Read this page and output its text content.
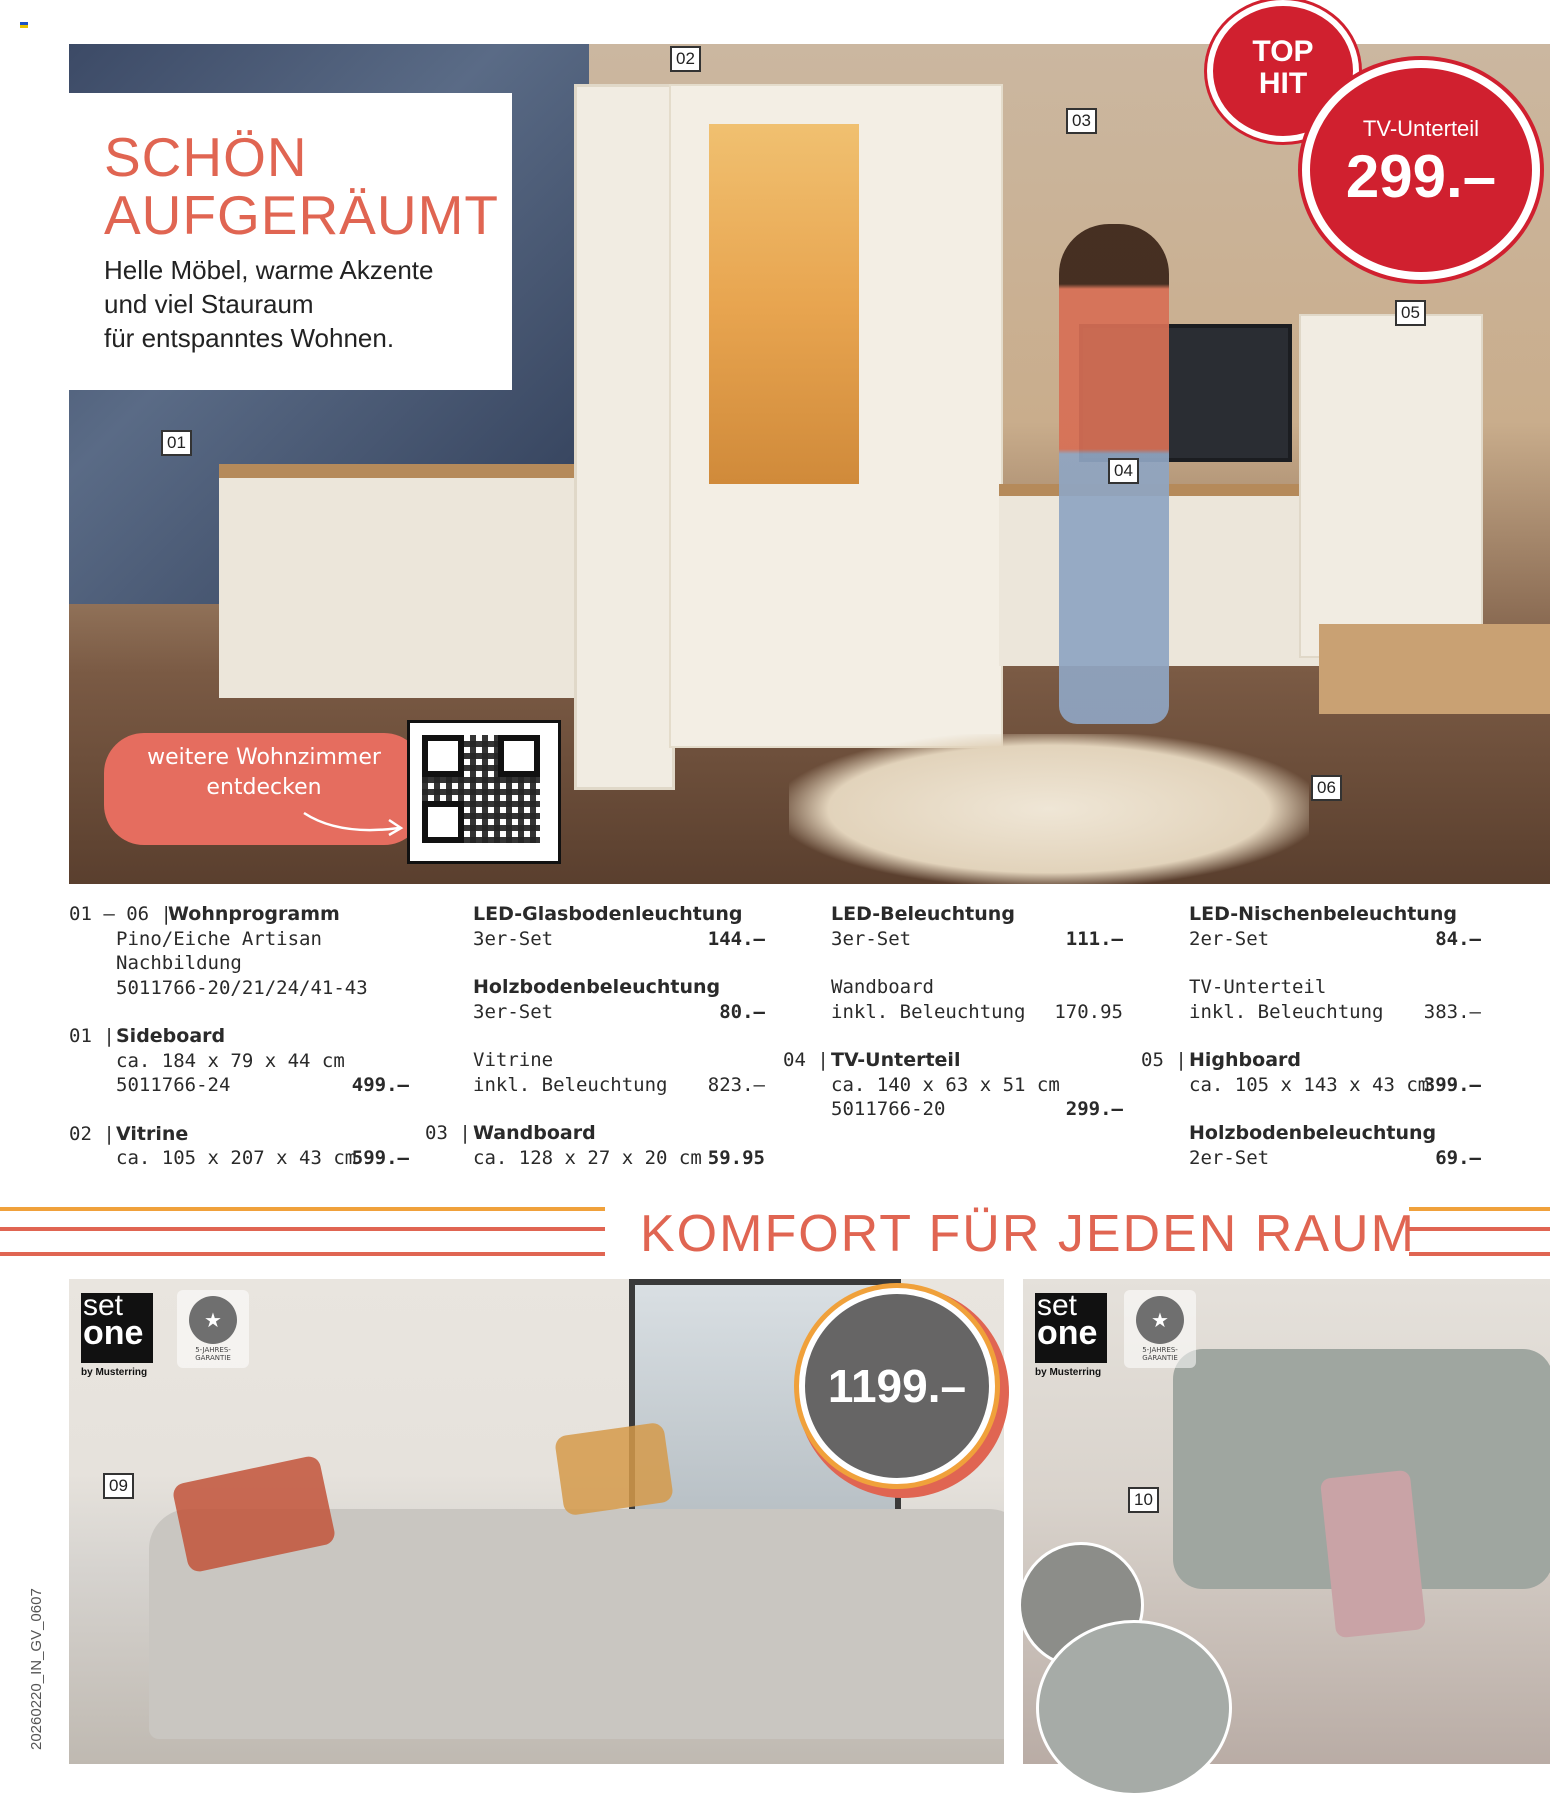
SCHÖN
AUFGERÄUMT
Helle Möbel, warme Akzente
und viel Stauraum
für entspanntes Wohnen.
01
02
03
04
05
06
weitere Wohnzimmer
entdecken
TOP
HIT
TV-Unterteil
299.–
01 – 06 |
Wohnprogramm
Pino/Eiche Artisan
Nachbildung
5011766-20/21/24/41-43
01 | Sideboard
ca. 184 x 79 x 44 cm
5011766-24	499.–
02 | Vitrine
ca. 105 x 207 x 43 cm
599.–
LED-Glasbodenleuchtung
3er-Set	144.–
Holzbodenbeleuchtung
3er-Set	80.–
Vitrine
inkl. Beleuchtung 823.–
03 | Wandboard
ca. 128 x 27 x 20 cm 59.95
LED-Beleuchtung
3er-Set	111.–
Wandboard
inkl. Beleuchtung 170.95
04 | TV-Unterteil
ca. 140 x 63 x 51 cm
5011766-20	299.–
LED-Nischenbeleuchtung
2er-Set	84.–
TV-Unterteil
inkl. Beleuchtung 383.–
05 | Highboard
ca. 105 x 143 x 43 cm
399.–
Holzbodenbeleuchtung
2er-Set	69.–
KOMFORT FÜR JEDEN RAUM
set
one
by Musterring
★
5-JAHRES-
GARANTIE
set
one
by Musterring
★
5-JAHRES-
GARANTIE
09
10
1199.–
20260220_IN_GV_0607
